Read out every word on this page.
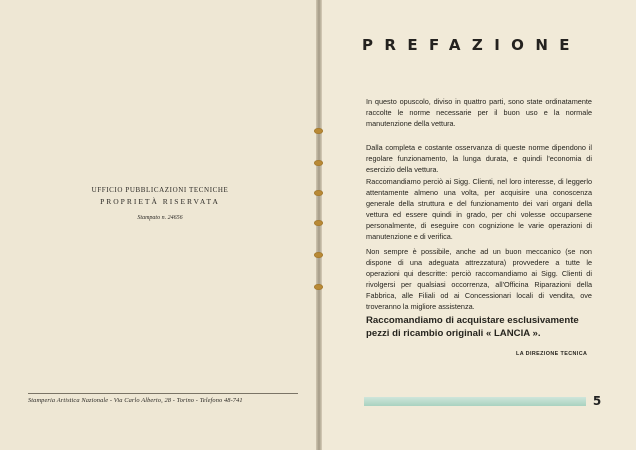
UFFICIO PUBBLICAZIONI TECNICHE
PROPRIETÀ RISERVATA
Stampato n. 24656
Stamperia Artistica Nazionale - Via Carlo Alberto, 28 - Torino - Telefono 48-741
PREFAZIONE
In questo opuscolo, diviso in quattro parti, sono state ordinatamente raccolte le norme necessarie per il buon uso e la normale manutenzione della vettura.
Dalla completa e costante osservanza di queste norme dipendono il regolare funzionamento, la lunga durata, e quindi l'economia di esercizio della vettura.
Raccomandiamo perciò ai Sigg. Clienti, nel loro interesse, di leggerlo attentamente almeno una volta, per acquisire una conoscenza generale della struttura e del funzionamento dei vari organi della vettura ed essere quindi in grado, per chi volesse occuparsene personalmente, di eseguire con cognizione le varie operazioni di manutenzione e di verifica.
Non sempre è possibile, anche ad un buon meccanico (se non dispone di una adeguata attrezzatura) provvedere a tutte le operazioni qui descritte: perciò raccomandiamo ai Sigg. Clienti di rivolgersi per qualsiasi occorrenza, all'Officina Riparazioni della Fabbrica, alle Filiali od ai Concessionari locali di vendita, ove troveranno la migliore assistenza.
Raccomandiamo di acquistare esclusivamente pezzi di ricambio originali « LANCIA ».
LA DIREZIONE TECNICA
5
